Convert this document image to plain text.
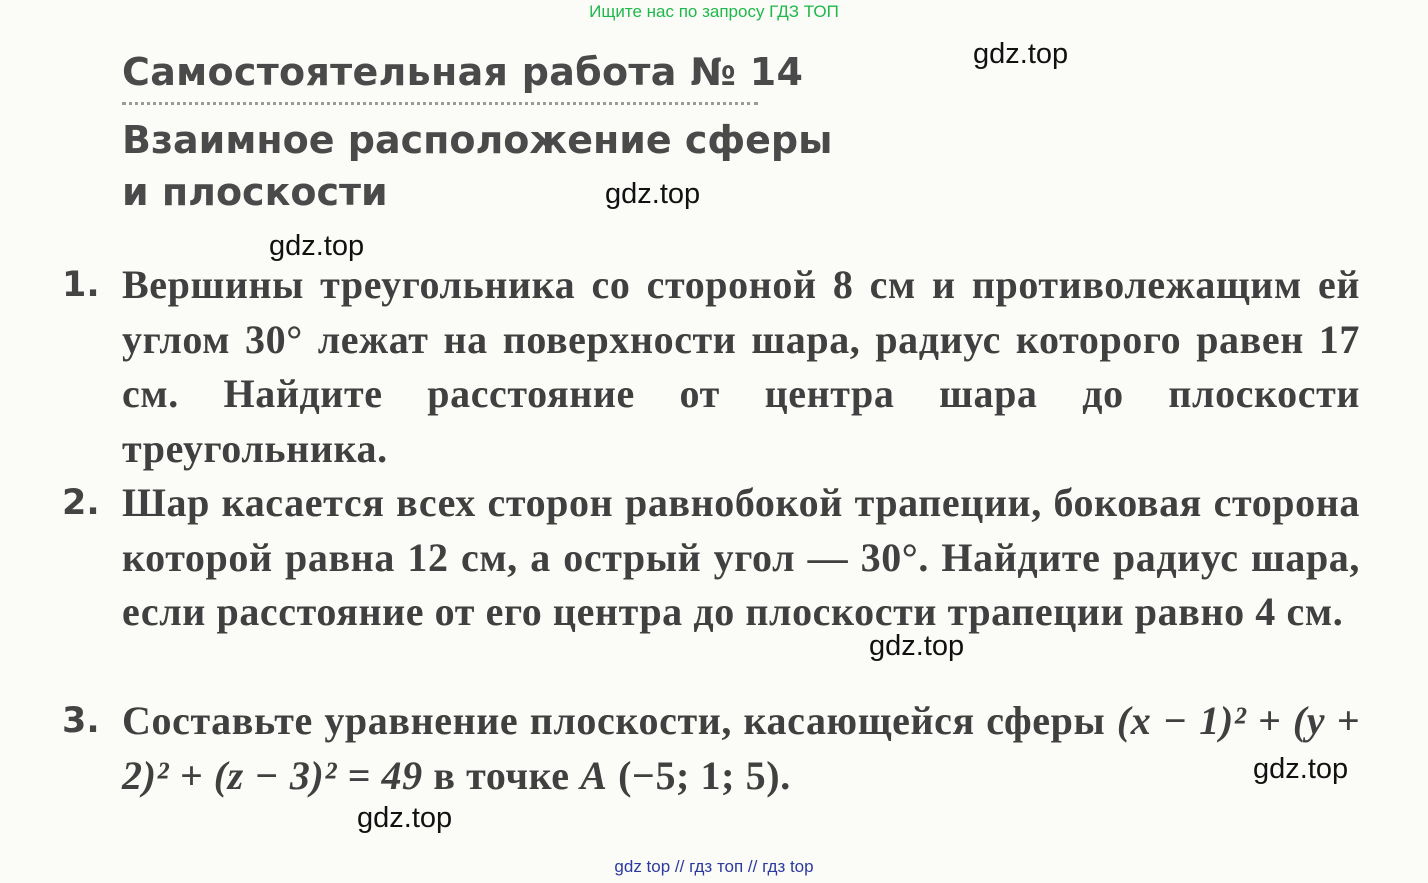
Ищите нас по запросу ГДЗ ТОП
Самостоятельная работа № 14
Взаимное расположение сферы
и плоскости
1. Вершины треугольника со стороной 8 см и противолежащим ей углом 30° лежат на поверхности шара, радиус которого равен 17 см. Найдите расстояние от центра шара до плоскости треугольника.

2. Шар касается всех сторон равнобокой трапеции, боковая сторона которой равна 12 см, а острый угол — 30°. Найдите радиус шара, если расстояние от его центра до плоскости трапеции равно 4 см.

3. Составьте уравнение плоскости, касающейся сферы (x − 1)² + (y + 2)² + (z − 3)² = 49 в точке A (−5; 1; 5).

gdz.top
gdz.top
gdz.top
gdz.top
gdz.top
gdz.top
gdz top // гдз топ // гдз top
